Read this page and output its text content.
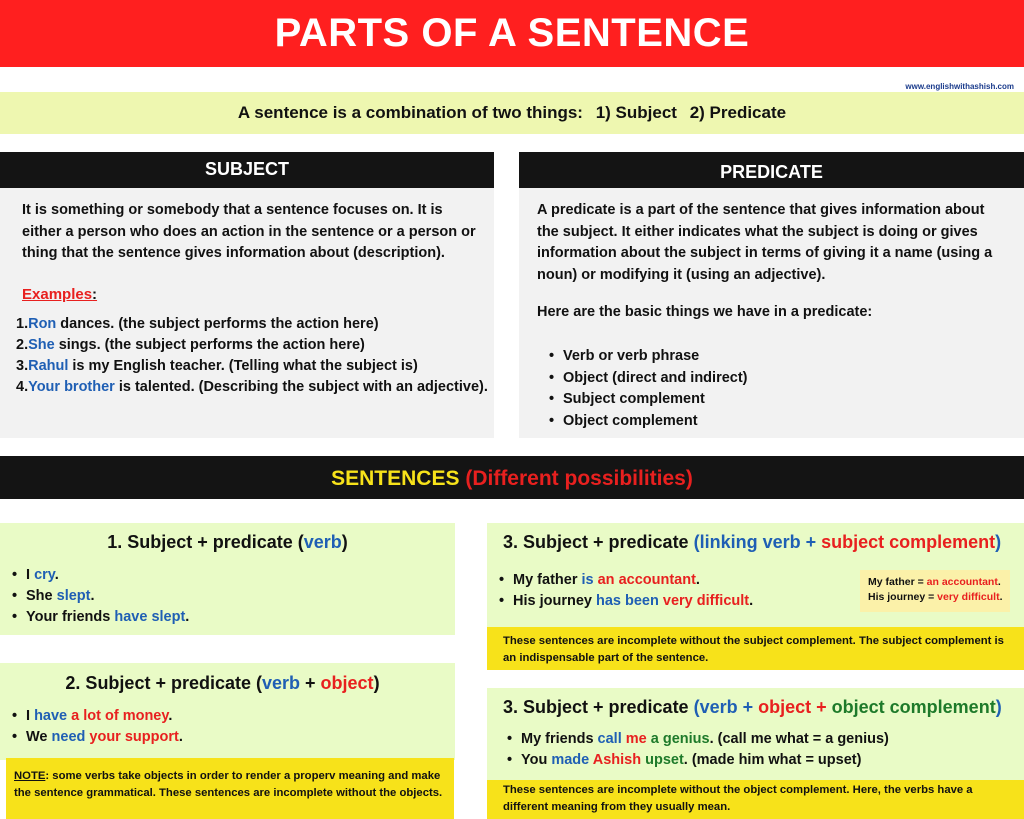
PARTS OF A SENTENCE
www.englishwithashish.com
A sentence is a combination of two things: 1) Subject 2) Predicate
SUBJECT
It is something or somebody that a sentence focuses on. It is either a person who does an action in the sentence or a person or thing that the sentence gives information about (description).
Examples:
1.Ron dances. (the subject performs the action here)
2.She sings. (the subject performs the action here)
3.Rahul is my English teacher. (Telling what the subject is)
4.Your brother is talented. (Describing the subject with an adjective).
PREDICATE
A predicate is a part of the sentence that gives information about the subject. It either indicates what the subject is doing or gives information about the subject in terms of giving it a name (using a noun) or modifying it (using an adjective).
Here are the basic things we have in a predicate:
• Verb or verb phrase
• Object (direct and indirect)
• Subject complement
• Object complement
SENTENCES (Different possibilities)
1. Subject + predicate (verb)
• I cry.
• She slept.
• Your friends have slept.
2. Subject + predicate (verb + object)
• I have a lot of money.
• We need your support.
NOTE: some verbs take objects in order to render a properv meaning and make the sentence grammatical. These sentences are incomplete without the objects.
3. Subject + predicate (linking verb + subject complement)
• My father is an accountant.
• His journey has been very difficult.
My father = an accountant.
His journey = very difficult.
These sentences are incomplete without the subject complement. The subject complement is an indispensable part of the sentence.
3. Subject + predicate (verb + object + object complement)
• My friends call me a genius. (call me what = a genius)
• You made Ashish upset. (made him what = upset)
These sentences are incomplete without the object complement. Here, the verbs have a different meaning from they usually mean.
